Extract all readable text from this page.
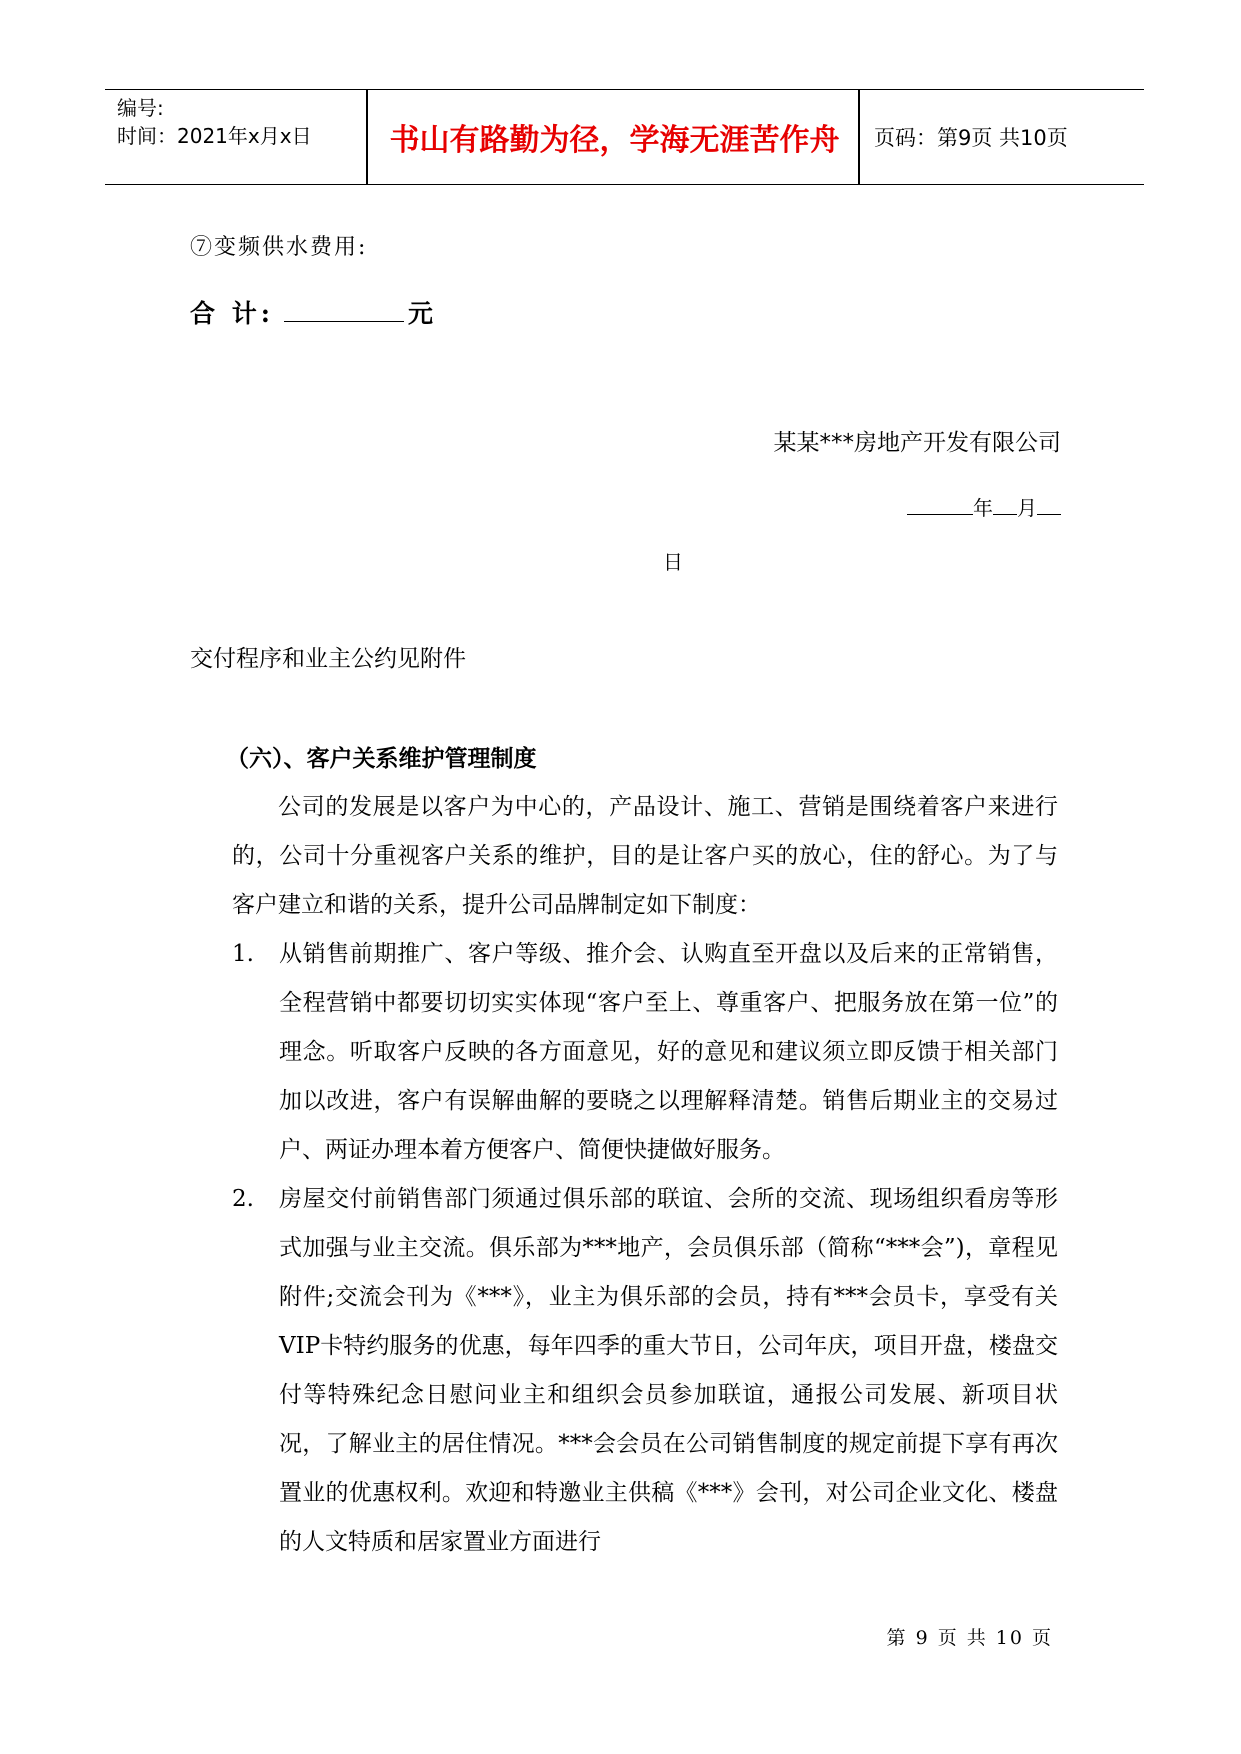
编号:
时间：2021年x月x日	书山有路勤为径，学海无涯苦作舟	页码：第9页 共10页
⑦变频供水费用:
合 计:	元
某某***房地产开发有限公司
年 月
日
交付程序和业主公约见附件
（六）、客户关系维护管理制度
公司的发展是以客户为中心的，产品设计、施工、营销是围绕着客户来进行的，公司十分重视客户关系的维护，目的是让客户买的放心，住的舒心。为了与客户建立和谐的关系，提升公司品牌制定如下制度：
1.	从销售前期推广、客户等级、推介会、认购直至开盘以及后来的正常销售，全程营销中都要切切实实体现“客户至上、尊重客户、把服务放在第一位”的理念。听取客户反映的各方面意见，好的意见和建议须立即反馈于相关部门加以改进，客户有误解曲解的要晓之以理解释清楚。销售后期业主的交易过户、两证办理本着方便客户、简便快捷做好服务。
2.	房屋交付前销售部门须通过俱乐部的联谊、会所的交流、现场组织看房等形式加强与业主交流。俱乐部为***地产，会员俱乐部（简称“***会”)，章程见附件;交流会刊为《***》，业主为俱乐部的会员，持有***会员卡，享受有关VIP卡特约服务的优惠，每年四季的重大节日，公司年庆，项目开盘，楼盘交付等特殊纪念日慰问业主和组织会员参加联谊，通报公司发展、新项目状况，了解业主的居住情况。***会会员在公司销售制度的规定前提下享有再次置业的优惠权利。欢迎和特邀业主供稿《***》会刊，对公司企业文化、楼盘的人文特质和居家置业方面进行
第 9 页 共 10 页
